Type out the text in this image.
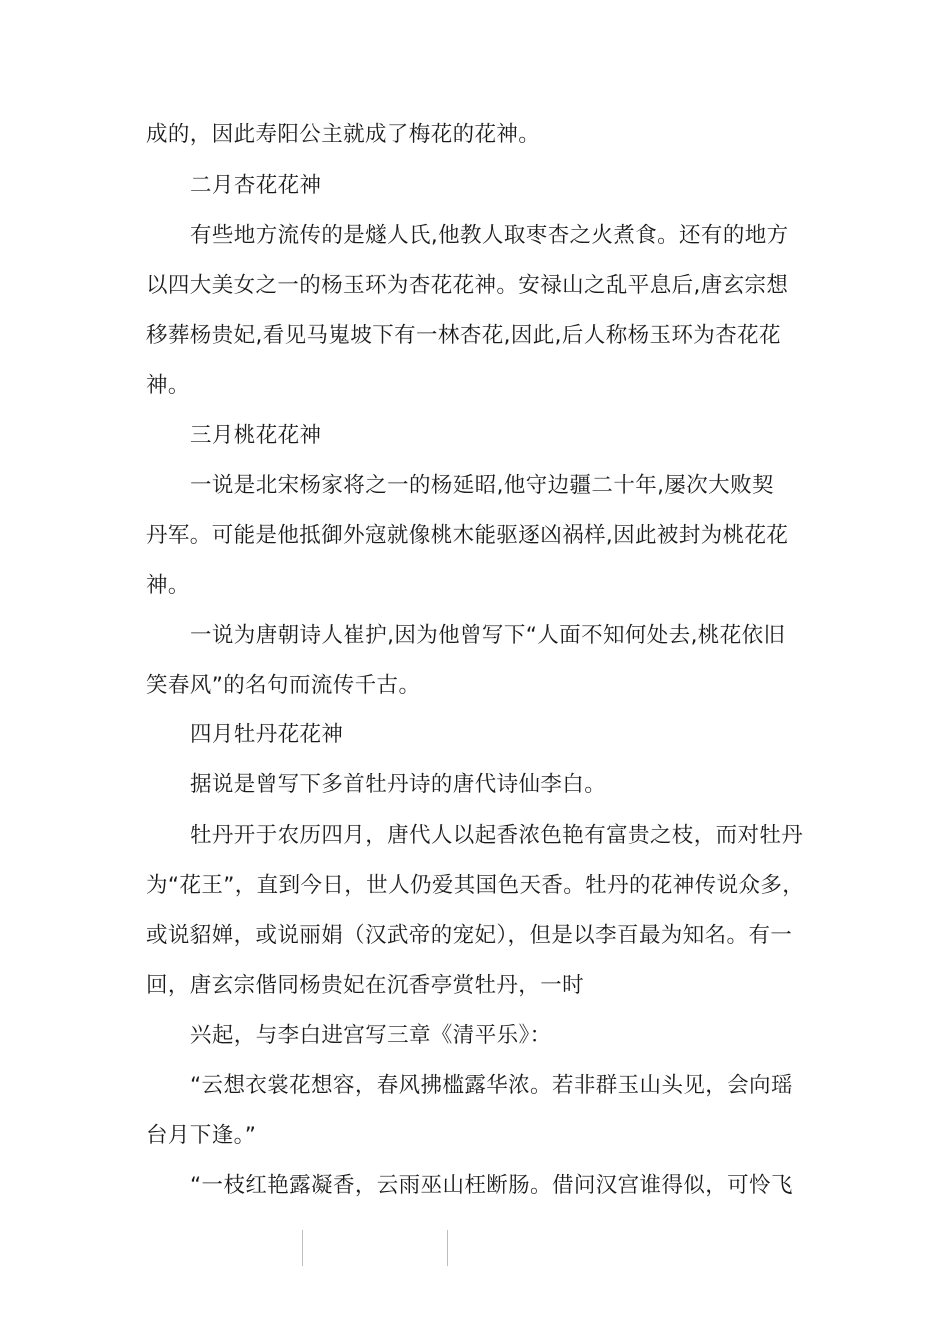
成的，因此寿阳公主就成了梅花的花神。
二月杏花花神
有些地方流传的是燧人氏,他教人取枣杏之火煮食。还有的地方
以四大美女之一的杨玉环为杏花花神。安禄山之乱平息后,唐玄宗想
移葬杨贵妃,看见马嵬坡下有一林杏花,因此,后人称杨玉环为杏花花
神。
三月桃花花神
一说是北宋杨家将之一的杨延昭,他守边疆二十年,屡次大败契
丹军。可能是他抵御外寇就像桃木能驱逐凶祸样,因此被封为桃花花
神。
一说为唐朝诗人崔护,因为他曾写下“人面不知何处去,桃花依旧
笑春风”的名句而流传千古。
四月牡丹花花神
据说是曾写下多首牡丹诗的唐代诗仙李白。
牡丹开于农历四月，唐代人以起香浓色艳有富贵之枝，而对牡丹
为“花王”，直到今日，世人仍爱其国色天香。牡丹的花神传说众多，
或说貂婵，或说丽娟（汉武帝的宠妃），但是以李百最为知名。有一
回，唐玄宗偕同杨贵妃在沉香亭赏牡丹，一时
兴起，与李白进宫写三章《清平乐》：
“云想衣裳花想容，春风拂槛露华浓。若非群玉山头见，会向瑶
台月下逢。”
“一枝红艳露凝香，云雨巫山枉断肠。借问汉宫谁得似，可怜飞
